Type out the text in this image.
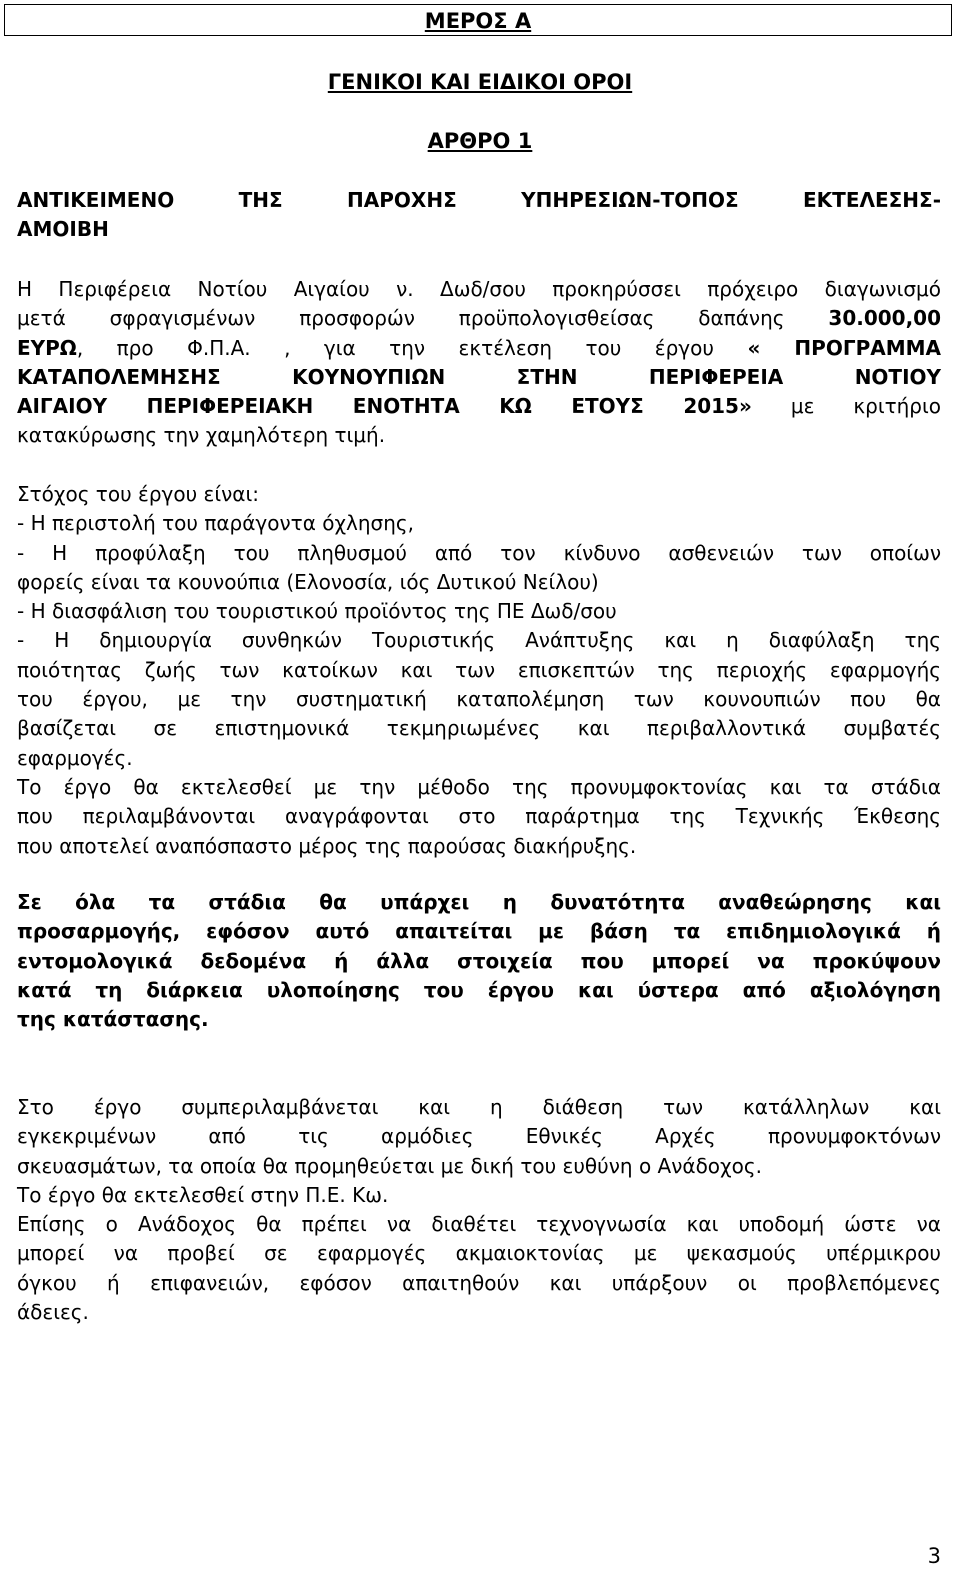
ΜΕΡΟΣ Α
ΓΕΝΙΚΟΙ ΚΑΙ ΕΙΔΙΚΟΙ ΟΡΟΙ
ΑΡΘΡΟ 1
ΑΝΤΙΚΕΙΜΕΝΟ ΤΗΣ ΠΑΡΟΧΗΣ ΥΠΗΡΕΣΙΩΝ-ΤΟΠΟΣ ΕΚΤΕΛΕΣΗΣ-
ΑΜΟΙΒΗ
Η Περιφέρεια Νοτίου Αιγαίου ν. Δωδ/σου προκηρύσσει πρόχειρο διαγωνισμό
μετά σφραγισμένων προσφορών προϋπολογισθείσας δαπάνης 30.000,00
ΕΥΡΩ, προ Φ.Π.Α. , για την εκτέλεση του έργου « ΠΡΟΓΡΑΜΜΑ
ΚΑΤΑΠΟΛΕΜΗΣΗΣ ΚΟΥΝΟΥΠΙΩΝ ΣΤΗΝ ΠΕΡΙΦΕΡΕΙΑ ΝΟΤΙΟΥ
ΑΙΓΑΙΟΥ ΠΕΡΙΦΕΡΕΙΑΚΗ ΕΝΟΤΗΤΑ ΚΩ ΕΤΟΥΣ 2015» με κριτήριο
κατακύρωσης την χαμηλότερη τιμή.
Στόχος του έργου είναι:
- Η περιστολή του παράγοντα όχλησης,
- Η προφύλαξη του πληθυσμού από τον κίνδυνο ασθενειών των οποίων
φορείς είναι τα κουνούπια (Ελονοσία, ιός Δυτικού Νείλου)
- Η διασφάλιση του τουριστικού προϊόντος της ΠΕ Δωδ/σου
- Η δημιουργία συνθηκών Τουριστικής Ανάπτυξης και η διαφύλαξη της
ποιότητας ζωής των κατοίκων και των επισκεπτών της περιοχής εφαρμογής
του έργου, με την συστηματική καταπολέμηση των κουνουπιών που θα
βασίζεται σε επιστημονικά τεκμηριωμένες και περιβαλλοντικά συμβατές
εφαρμογές.
Το έργο θα εκτελεσθεί με την μέθοδο της προνυμφοκτονίας και τα στάδια
που περιλαμβάνονται αναγράφονται στο παράρτημα της Τεχνικής Έκθεσης
που αποτελεί αναπόσπαστο μέρος της παρούσας διακήρυξης.
Σε όλα τα στάδια θα υπάρχει η δυνατότητα αναθεώρησης και
προσαρμογής, εφόσον αυτό απαιτείται με βάση τα επιδημιολογικά ή
εντομολογικά δεδομένα ή άλλα στοιχεία που μπορεί να προκύψουν
κατά τη διάρκεια υλοποίησης του έργου και ύστερα από αξιολόγηση
της κατάστασης.
Στο έργο συμπεριλαμβάνεται και η διάθεση των κατάλληλων και
εγκεκριμένων από τις αρμόδιες Εθνικές Αρχές προνυμφοκτόνων
σκευασμάτων, τα οποία θα προμηθεύεται με δική του ευθύνη ο Ανάδοχος.
Το έργο θα εκτελεσθεί στην Π.Ε. Κω.
Επίσης ο Ανάδοχος θα πρέπει να διαθέτει τεχνογνωσία και υποδομή ώστε να
μπορεί να προβεί σε εφαρμογές ακμαιοκτονίας με ψεκασμούς υπέρμικρου
όγκου ή επιφανειών, εφόσον απαιτηθούν και υπάρξουν οι προβλεπόμενες
άδειες.
3
